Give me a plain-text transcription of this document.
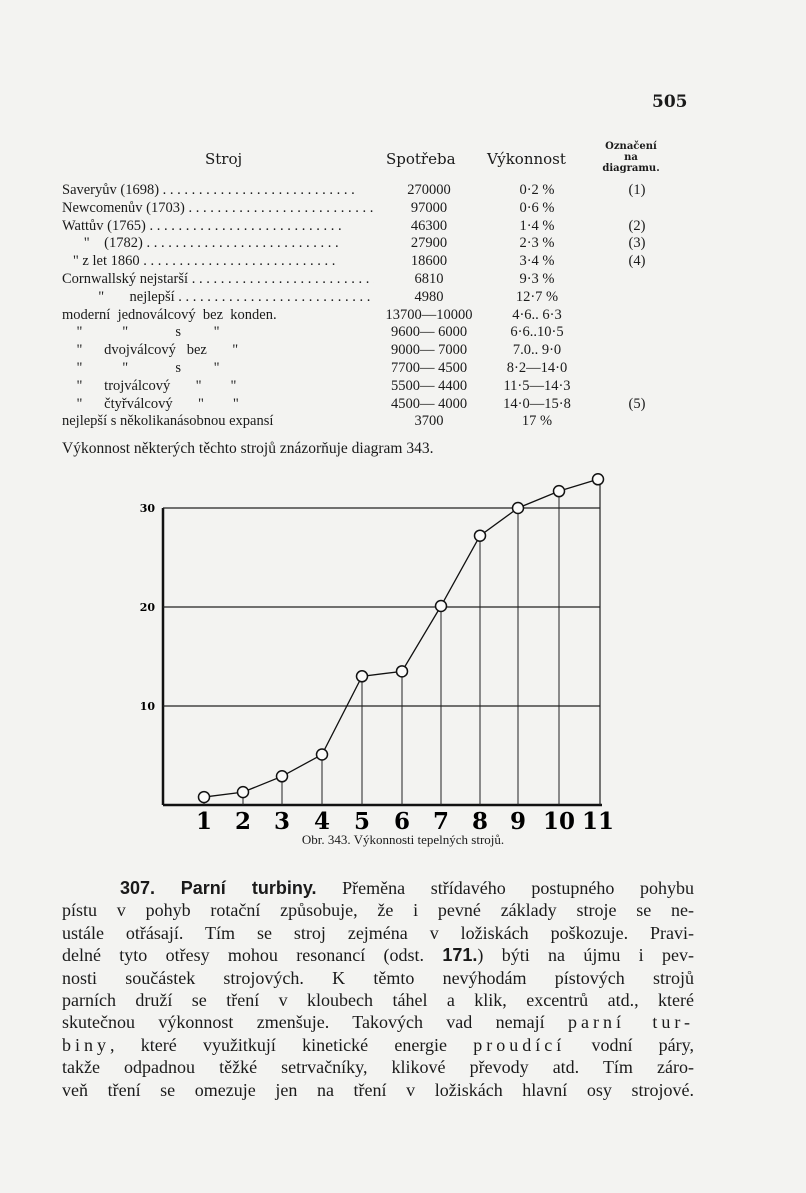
505
Stroj	Spotřeba Výkonnost
Označení
na
diagramu.
Saveryův (1698) . . .	270000	0·2 %	(1)
Newcomenův (1703) . . .	97000	0·6 %
Wattův (1765) . . .	46300	1·4 %	(2)
"    (1782) . . .	27900	2·3 %	(3)
" z let 1860 . . .	18600	3·4 %	(4)
Cornwallský nejstarší . . .	6810	9·3 %
"       nejlepší . . .	4980	12·7 %
moderní  jednoválcový  bez  konden.	13700—10000	4·6.. 6·3
"           "             s         "	9600— 6000	6·6..10·5
"      dvojválcový   bez       "	9000— 7000	7.0.. 9·0
"           "             s         "	7700— 4500	8·2—14·0
"      trojválcový       "        "	5500— 4400	11·5—14·3
"      čtyřválcový       "        "	4500— 4000	14·0—15·8	(5)
nejlepší s několikanásobnou expansí	3700	17 %
Výkonnost některých těchto strojů znázorňuje diagram 343.
10
20
30
1 2 3 4 5 6 7 8 9 10 11
Obr. 343. Výkonnosti tepelných strojů.
307. Parní turbiny. Přeměna střídavého postupného pohybu
pístu v pohyb rotační způsobuje, že i pevné základy stroje se ne-
ustále otřásají. Tím se stroj zejména v ložiskách poškozuje. Pravi-
delné tyto otřesy mohou resonancí (odst. 171.) býti na újmu i pev-
nosti součástek strojových. K těmto nevýhodám pístových strojů
parních druží se tření v kloubech táhel a klik, excentrů atd., které
skutečnou výkonnost zmenšuje. Takových vad nemají parní tur-
biny, které využitkují kinetické energie proudící vodní páry,
takže odpadnou těžké setrvačníky, klikové převody atd. Tím záro-
veň tření se omezuje jen na tření v ložiskách hlavní osy strojové.
